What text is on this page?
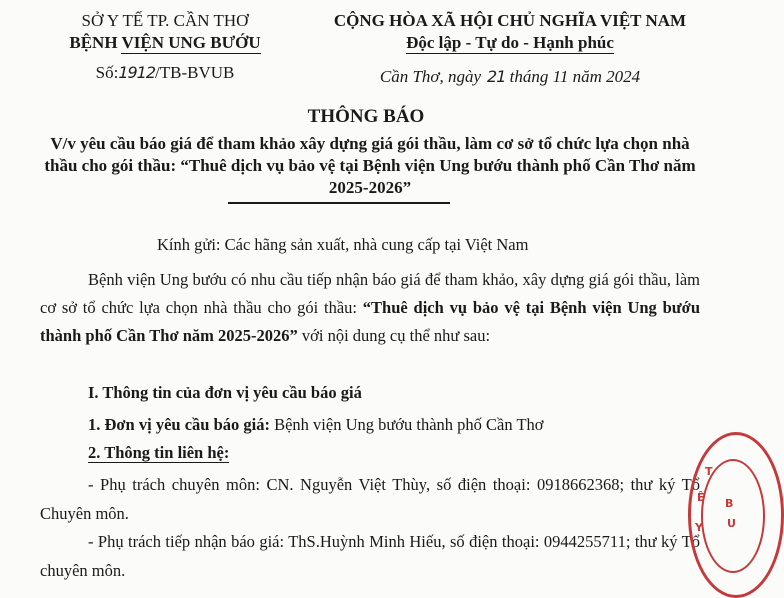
SỞ Y TẾ TP. CẦN THƠ
BỆNH VIỆN UNG BƯỚU
Số:1912/TB-BVUB
CỘNG HÒA XÃ HỘI CHỦ NGHĨA VIỆT NAM
Độc lập - Tự do - Hạnh phúc
Cần Thơ, ngày 21 tháng 11 năm 2024
THÔNG BÁO
V/v yêu cầu báo giá để tham khảo xây dựng giá gói thầu, làm cơ sở tổ chức lựa chọn nhà thầu cho gói thầu: “Thuê dịch vụ bảo vệ tại Bệnh viện Ung bướu thành phố Cần Thơ năm 2025-2026”
Kính gửi: Các hãng sản xuất, nhà cung cấp tại Việt Nam
Bệnh viện Ung bướu có nhu cầu tiếp nhận báo giá để tham khảo, xây dựng giá gói thầu, làm cơ sở tổ chức lựa chọn nhà thầu cho gói thầu: “Thuê dịch vụ bảo vệ tại Bệnh viện Ung bướu thành phố Cần Thơ năm 2025-2026” với nội dung cụ thể như sau:
I. Thông tin của đơn vị yêu cầu báo giá
1. Đơn vị yêu cầu báo giá: Bệnh viện Ung bướu thành phố Cần Thơ
2. Thông tin liên hệ:
- Phụ trách chuyên môn: CN. Nguyễn Việt Thùy, số điện thoại: 0918662368; thư ký Tổ Chuyên môn.
- Phụ trách tiếp nhận báo giá: ThS.Huỳnh Minh Hiếu, số điện thoại: 0944255711; thư ký Tổ chuyên môn.
T
Ê
Y
B
U
